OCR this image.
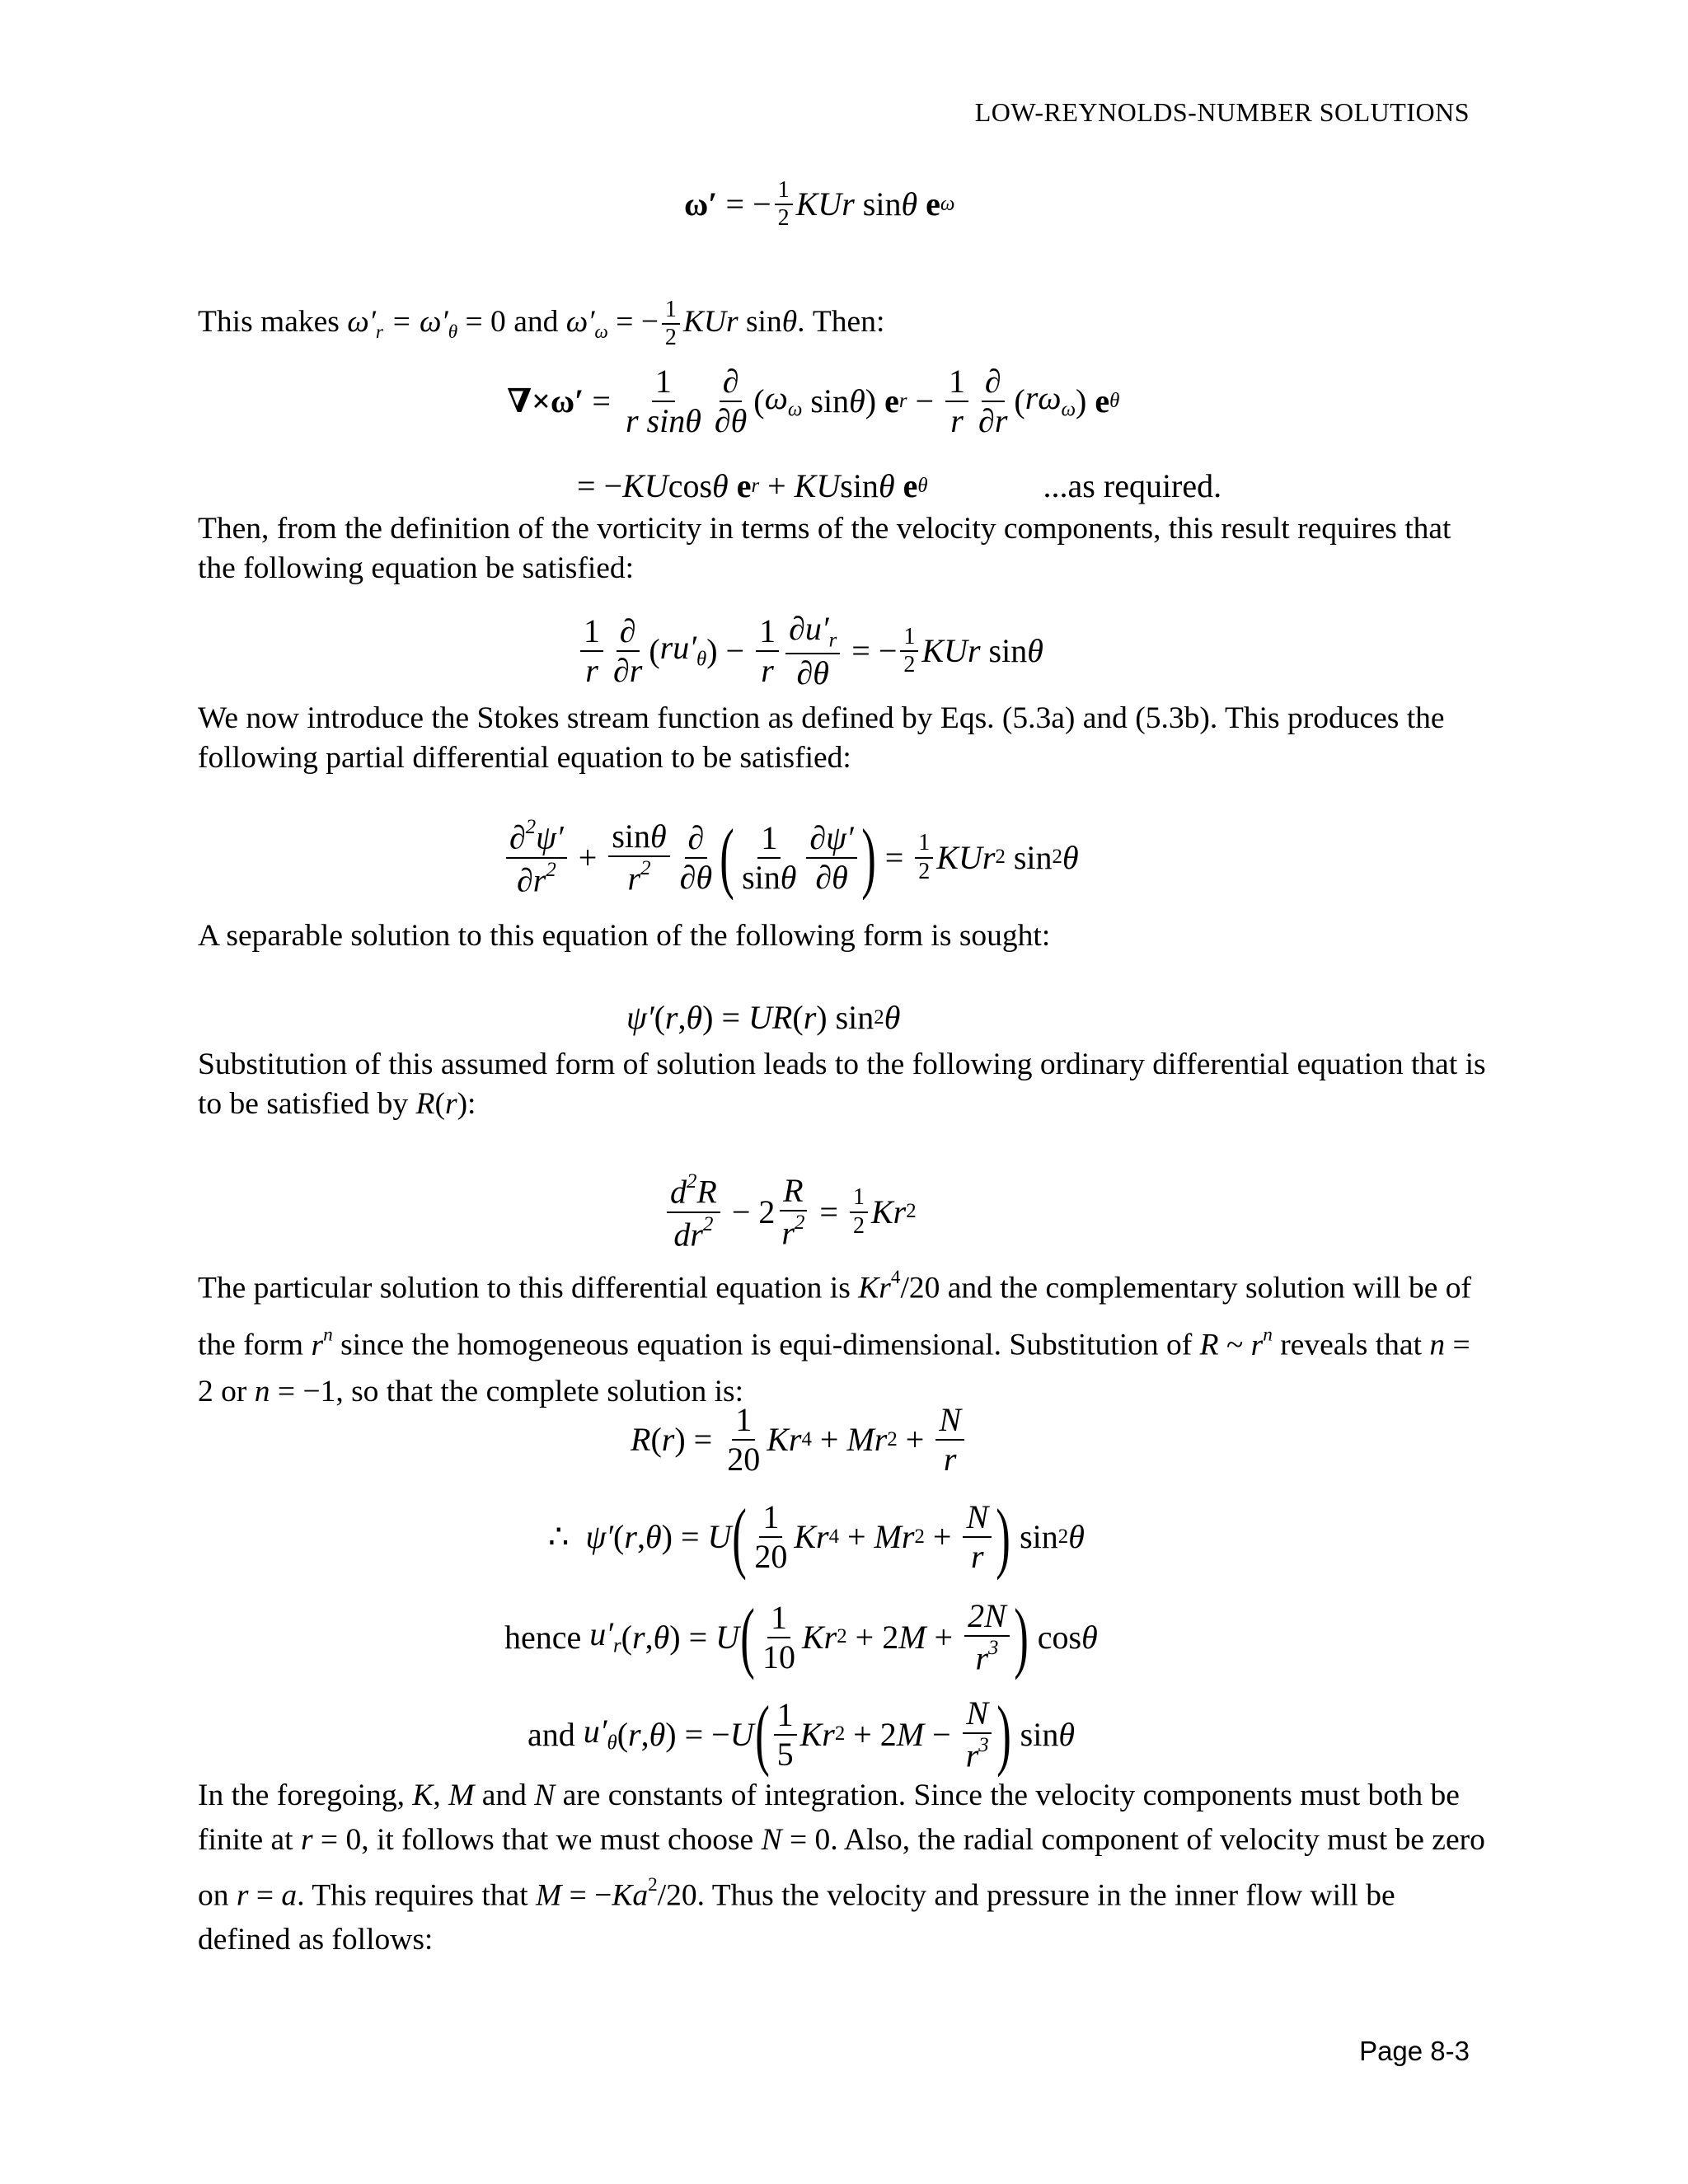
LOW-REYNOLDS-NUMBER SOLUTIONS
ω′ = − $\frac{1}{2}$ KUr sin θ
e ω
This makes $\omega'_r = \omega'_\theta = 0$ and $\omega'_\omega$ = − $\frac{1}{2}$ KUr sinθ. Then:
$\nabla\times\omega' = \frac{1}{\text{r sinθ}} \frac{\partial}{\partial\theta}$ ( $\omega_\omega$ sin θ ) e $r - \frac{1}{r} \frac{\partial}{\partial r}$ ( $r\omega_\omega$ ) e θ
= − KU cos θ
e r + KU sin θ
e θ	...as required.
Then, from the definition of the vorticity in terms of the velocity components, this result requires that the following equation be satisfied:
$\frac{1}{r} \frac{\partial}{\partial r}$ ( $ru'_\theta$ ) − $\frac{1}{r} \frac{\partial u'_r}{\partial\theta}$ = − $\frac{1}{2}$ KUr sin θ
We now introduce the Stokes stream function as defined by Eqs. (5.3a) and (5.3b). This produces the following partial differential equation to be satisfied:
$\frac{\partial^2\psi'}{\partial r^2} + \frac{\sin\theta}{r^2} \frac{\partial}{\partial\theta}$ ( $\frac{1}{\sin\theta} \frac{\partial\psi'}{\partial\theta}$ ) = $\frac{1}{2}$ KUr 2 sin 2 θ
A separable solution to this equation of the following form is sought:
ψ′ ( r , θ ) = UR ( r ) sin 2 θ
Substitution of this assumed form of solution leads to the following ordinary differential equation that is to be satisfied by R(r):
$\frac{d^2R}{dr^2} - 2 \frac{R}{r^2} = \frac{1}{2}$ Kr 2
The particular solution to this differential equation is Kr$^4$/20 and the complementary solution will be of the form $r^n$ since the homogeneous equation is equi-dimensional. Substitution of R ~ $r^n$ reveals that n = 2 or n = −1, so that the complete solution is:
R ( r ) = $\frac{1}{20}$ Kr 4 + Mr $2 + \frac{N}{r}$
∴ ψ′ ( r , θ ) = U ( $\frac{1}{20}$ Kr 4 + Mr $2 + \frac{N}{r}$ ) sin 2 θ
hence
$u'_r$ ( r , θ ) = U ( $\frac{1}{10}$ Kr 2 + 2 $M + \frac{2N}{r^3}$ ) cos θ
and
$u'_\theta$ ( r , θ ) = − U ( $\frac{1}{5}$ Kr 2 + 2 $M - \frac{N}{r^3}$ ) sin θ
In the foregoing, K, M and N are constants of integration. Since the velocity components must both be finite at r = 0, it follows that we must choose N = 0. Also, the radial component of velocity must be zero on r = a. This requires that $M = -Ka^2/20$. Thus the velocity and pressure in the inner flow will be defined as follows:
Page 8-3
